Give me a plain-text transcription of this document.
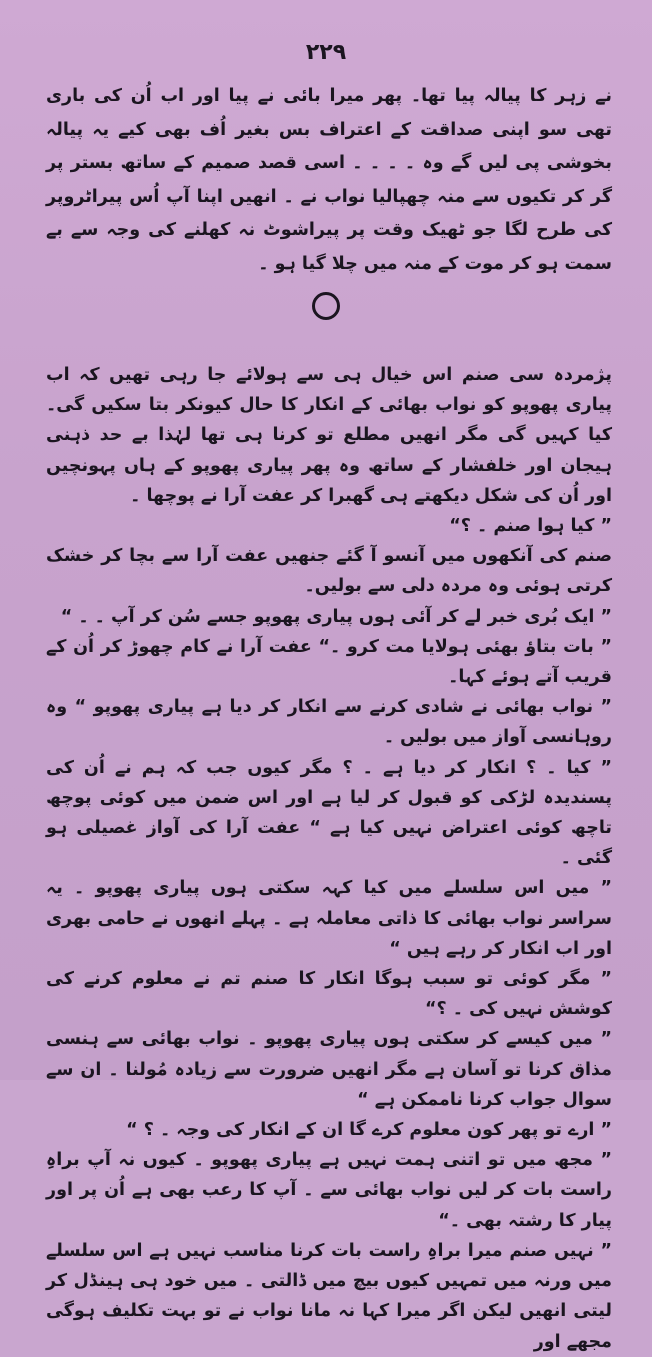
۲۲۹

نے زہر کا پیالہ پیا تھا۔ پھر میرا بائی نے پیا اور اب اُن کی باری تھی سو اپنی صداقت کے اعتراف بس بغیر اُف بھی کیے یہ پیالہ بخوشی پی لیں گے وہ ۔ ۔ ۔ ۔ اسی قصد صمیم کے ساتھ بستر پر گر کر تکیوں سے منہ چھپالیا نواب نے ۔ انھیں اپنا آپ اُس پیراٹروپر کی طرح لگا جو ٹھیک وقت پر پیراشوٹ نہ کھلنے کی وجہ سے بے سمت ہو کر موت کے منہ میں چلا گیا ہو ۔

پژمردہ سی صنم اس خیال ہی سے ہولائے جا رہی تھیں کہ اب پیاری پھوپو کو نواب بھائی کے انکار کا حال کیونکر بتا سکیں گی۔ کیا کہیں گی مگر انھیں مطلع تو کرنا ہی تھا لہٰذا بے حد ذہنی ہیجان اور خلفشار کے ساتھ وہ پھر پیاری پھوپو کے ہاں پہونچیں اور اُن کی شکل دیکھتے ہی گھبرا کر عفت آرا نے پوچھا ۔

” کیا ہوا صنم ۔ ؟“

صنم کی آنکھوں میں آنسو آ گئے جنھیں عفت آرا سے بچا کر خشک کرتی ہوئی وہ مردہ دلی سے بولیں۔

” ایک بُری خبر لے کر آئی ہوں پیاری پھوپو جسے سُن کر آپ ۔ ۔ “

” بات بتاؤ بھئی ہولایا مت کرو ۔“ عفت آرا نے کام چھوڑ کر اُن کے قریب آتے ہوئے کہا۔

” نواب بھائی نے شادی کرنے سے انکار کر دیا ہے پیاری پھوپو “ وہ روہانسی آواز میں بولیں ۔

” کیا ۔ ؟ انکار کر دیا ہے ۔ ؟ مگر کیوں جب کہ ہم نے اُن کی پسندیدہ لڑکی کو قبول کر لیا ہے اور اس ضمن میں کوئی پوچھ تاچھ کوئی اعتراض نہیں کیا ہے “ عفت آرا کی آواز غصیلی ہو گئی ۔

” میں اس سلسلے میں کیا کہہ سکتی ہوں پیاری پھوپو ۔ یہ سراسر نواب بھائی کا ذاتی معاملہ ہے ۔ پہلے انھوں نے حامی بھری اور اب انکار کر رہے ہیں “

” مگر کوئی تو سبب ہوگا انکار کا صنم تم نے معلوم کرنے کی کوشش نہیں کی ۔ ؟“

” میں کیسے کر سکتی ہوں پیاری پھوپو ۔ نواب بھائی سے ہنسی مذاق کرنا تو آسان ہے مگر انھیں ضرورت سے زیادہ مُولنا ۔ ان سے سوال جواب کرنا ناممکن ہے “

” ارے تو پھر کون معلوم کرے گا ان کے انکار کی وجہ ۔ ؟ “

” مجھ میں تو اتنی ہمت نہیں ہے پیاری پھوپو ۔ کیوں نہ آپ براہِ راست بات کر لیں نواب بھائی سے ۔ آپ کا رعب بھی ہے اُن پر اور پیار کا رشتہ بھی ۔“

” نہیں صنم میرا براہِ راست بات کرنا مناسب نہیں ہے اس سلسلے میں ورنہ میں تمہیں کیوں بیچ میں ڈالتی ۔ میں خود ہی ہینڈل کر لیتی انھیں لیکن اگر میرا کہا نہ مانا نواب نے تو بہت تکلیف ہوگی مجھے اور
